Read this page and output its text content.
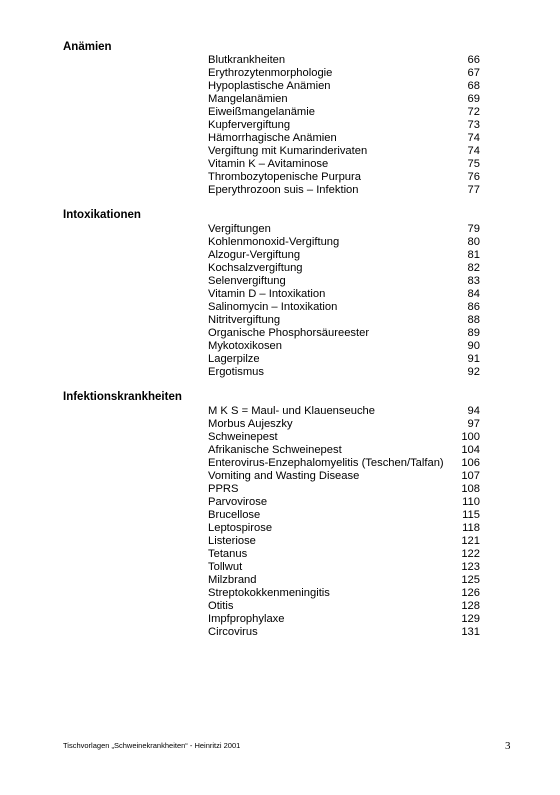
Anämien
Blutkrankheiten	66
Erythrozytenmorphologie	67
Hypoplastische Anämien	68
Mangelanämien	69
Eiweißmangelanämie	72
Kupfervergiftung	73
Hämorrhagische Anämien	74
Vergiftung mit Kumarinderivaten	74
Vitamin K – Avitaminose	75
Thrombozytopenische Purpura	76
Eperythrozoon suis – Infektion	77
Intoxikationen
Vergiftungen	79
Kohlenmonoxid-Vergiftung	80
Alzogur-Vergiftung	81
Kochsalzvergiftung	82
Selenvergiftung	83
Vitamin D – Intoxikation	84
Salinomycin – Intoxikation	86
Nitritvergiftung	88
Organische Phosphorsäureester	89
Mykotoxikosen	90
Lagerpilze	91
Ergotismus	92
Infektionskrankheiten
M K S = Maul- und Klauenseuche	94
Morbus Aujeszky	97
Schweinepest	100
Afrikanische Schweinepest	104
Enterovirus-Enzephalomyelitis (Teschen/Talfan) 106
Vomiting and Wasting Disease	107
PPRS	108
Parvovirose	110
Brucellose	115
Leptospirose	118
Listeriose	121
Tetanus	122
Tollwut	123
Milzbrand	125
Streptokokkenmeningitis	126
Otitis	128
Impfprophylaxe	129
Circovirus	131
Tischvorlagen „Schweinekrankheiten“ - Heinritzi 2001	3
